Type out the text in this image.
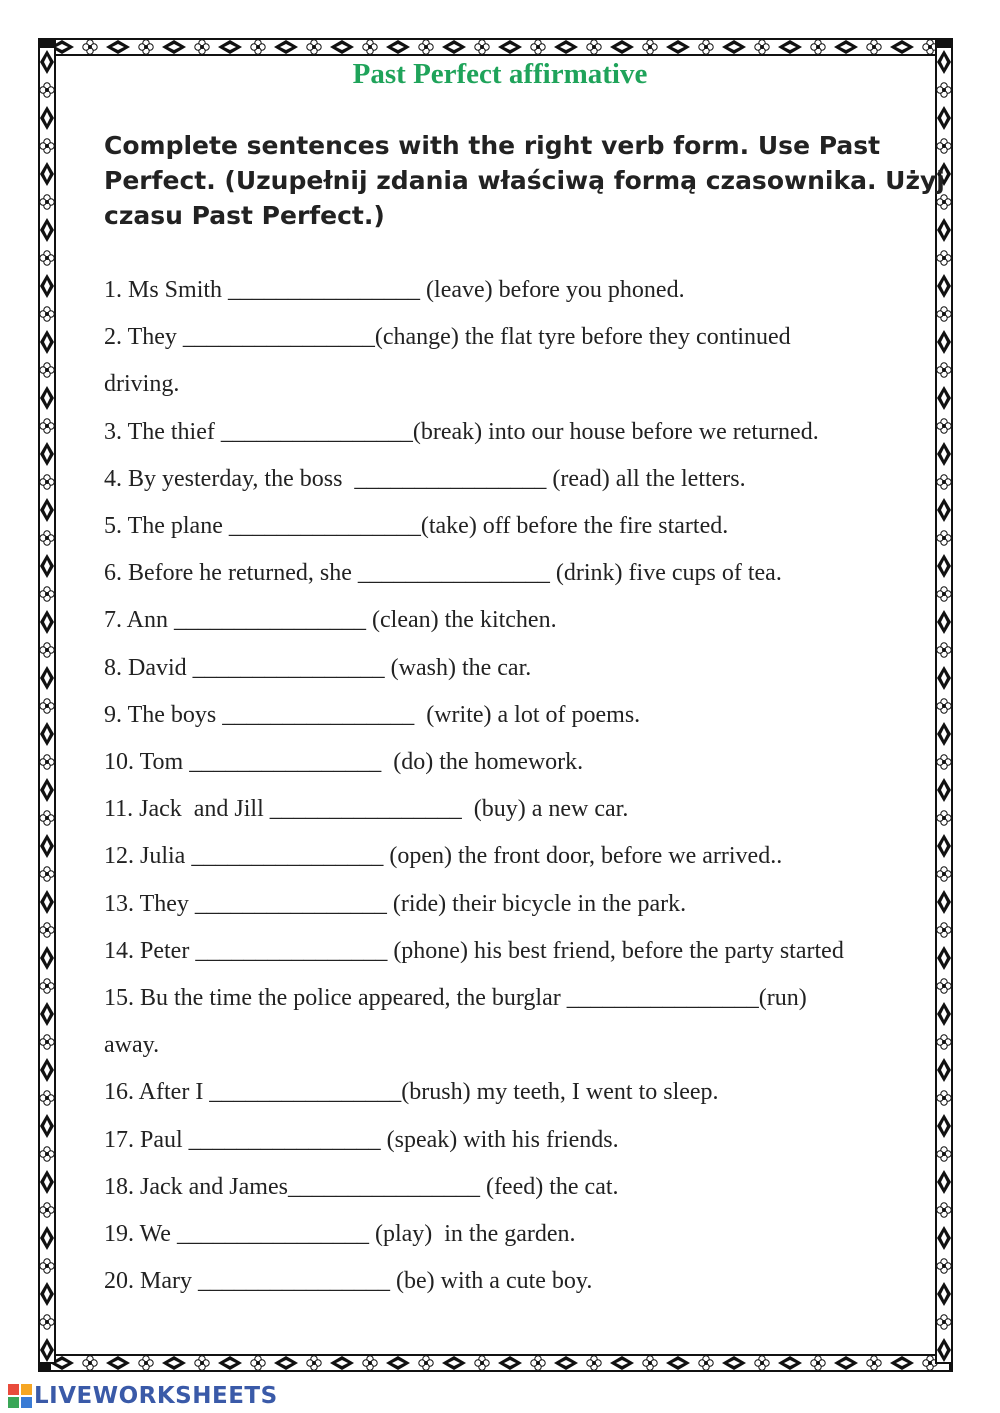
Past Perfect affirmative
Complete sentences with the right verb form. Use Past Perfect. (Uzupełnij zdania właściwą formą czasownika. Użyj czasu Past Perfect.)
1. Ms Smith ________________ (leave) before you phoned.
2. They ________________(change) the flat tyre before they continued
driving.
3. The thief ________________(break) into our house before we returned.
4. By yesterday, the boss  ________________ (read) all the letters.
5. The plane ________________(take) off before the fire started.
6. Before he returned, she ________________ (drink) five cups of tea.
7. Ann ________________ (clean) the kitchen.
8. David ________________ (wash) the car.
9. The boys ________________  (write) a lot of poems.
10. Tom ________________  (do) the homework.
11. Jack  and Jill ________________  (buy) a new car.
12. Julia ________________ (open) the front door, before we arrived..
13. They ________________ (ride) their bicycle in the park.
14. Peter ________________ (phone) his best friend, before the party started
15. Bu the time the police appeared, the burglar ________________(run)
away.
16. After I ________________(brush) my teeth, I went to sleep.
17. Paul ________________ (speak) with his friends.
18. Jack and James________________ (feed) the cat.
19. We ________________ (play)  in the garden.
20. Mary ________________ (be) with a cute boy.
LIVEWORKSHEETS
